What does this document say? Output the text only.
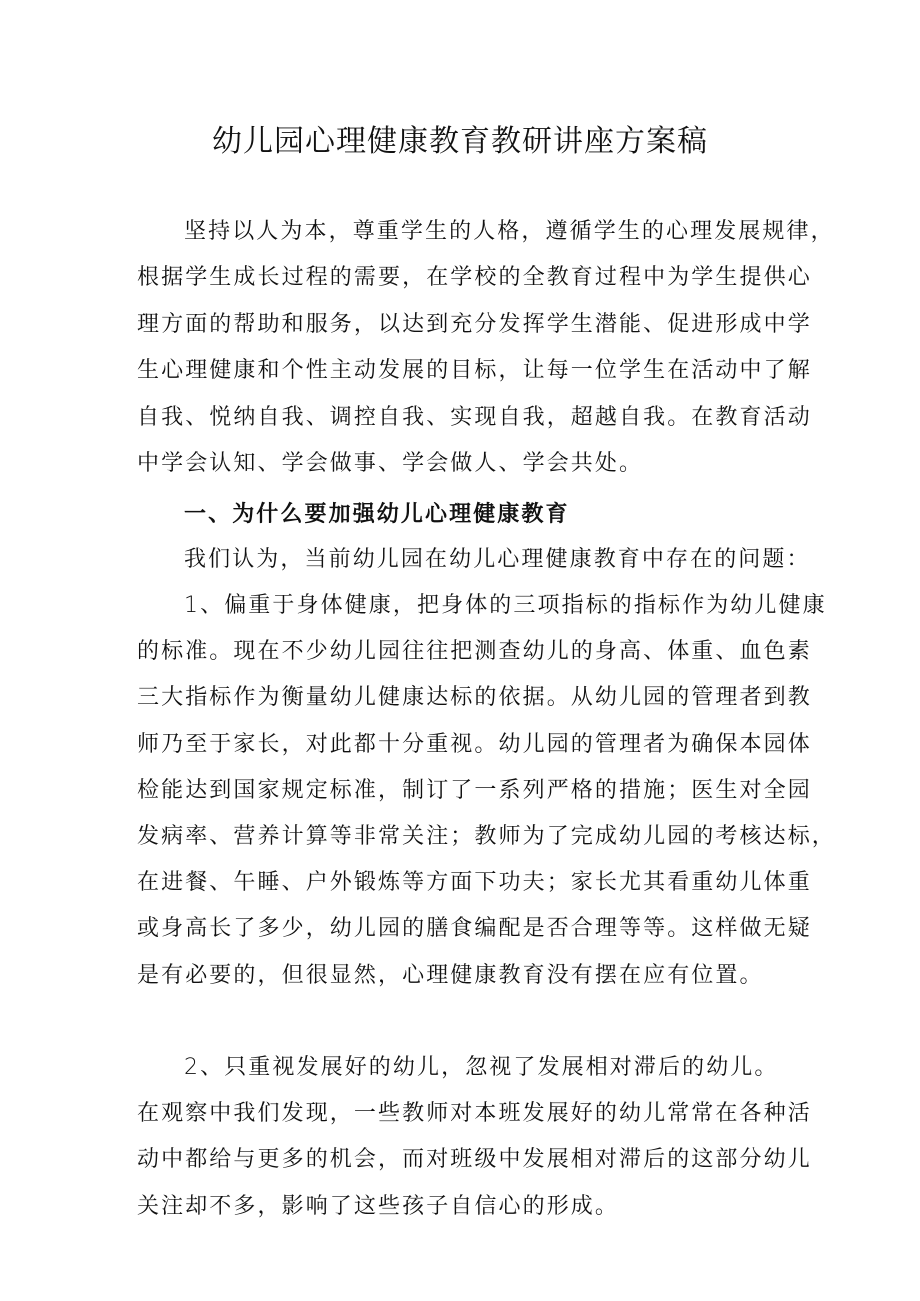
幼儿园心理健康教育教研讲座方案稿
坚持以人为本，尊重学生的人格，遵循学生的心理发展规律，
根据学生成长过程的需要，在学校的全教育过程中为学生提供心
理方面的帮助和服务，以达到充分发挥学生潜能、促进形成中学
生心理健康和个性主动发展的目标，让每一位学生在活动中了解
自我、悦纳自我、调控自我、实现自我，超越自我。在教育活动
中学会认知、学会做事、学会做人、学会共处。
一、为什么要加强幼儿心理健康教育
我们认为，当前幼儿园在幼儿心理健康教育中存在的问题：
1、偏重于身体健康，把身体的三项指标的指标作为幼儿健康
的标准。现在不少幼儿园往往把测查幼儿的身高、体重、血色素
三大指标作为衡量幼儿健康达标的依据。从幼儿园的管理者到教
师乃至于家长，对此都十分重视。幼儿园的管理者为确保本园体
检能达到国家规定标准，制订了一系列严格的措施；医生对全园
发病率、营养计算等非常关注；教师为了完成幼儿园的考核达标，
在进餐、午睡、户外锻炼等方面下功夫；家长尤其看重幼儿体重
或身高长了多少，幼儿园的膳食编配是否合理等等。这样做无疑
是有必要的，但很显然，心理健康教育没有摆在应有位置。
2、只重视发展好的幼儿，忽视了发展相对滞后的幼儿。
在观察中我们发现，一些教师对本班发展好的幼儿常常在各种活
动中都给与更多的机会，而对班级中发展相对滞后的这部分幼儿
关注却不多，影响了这些孩子自信心的形成。
